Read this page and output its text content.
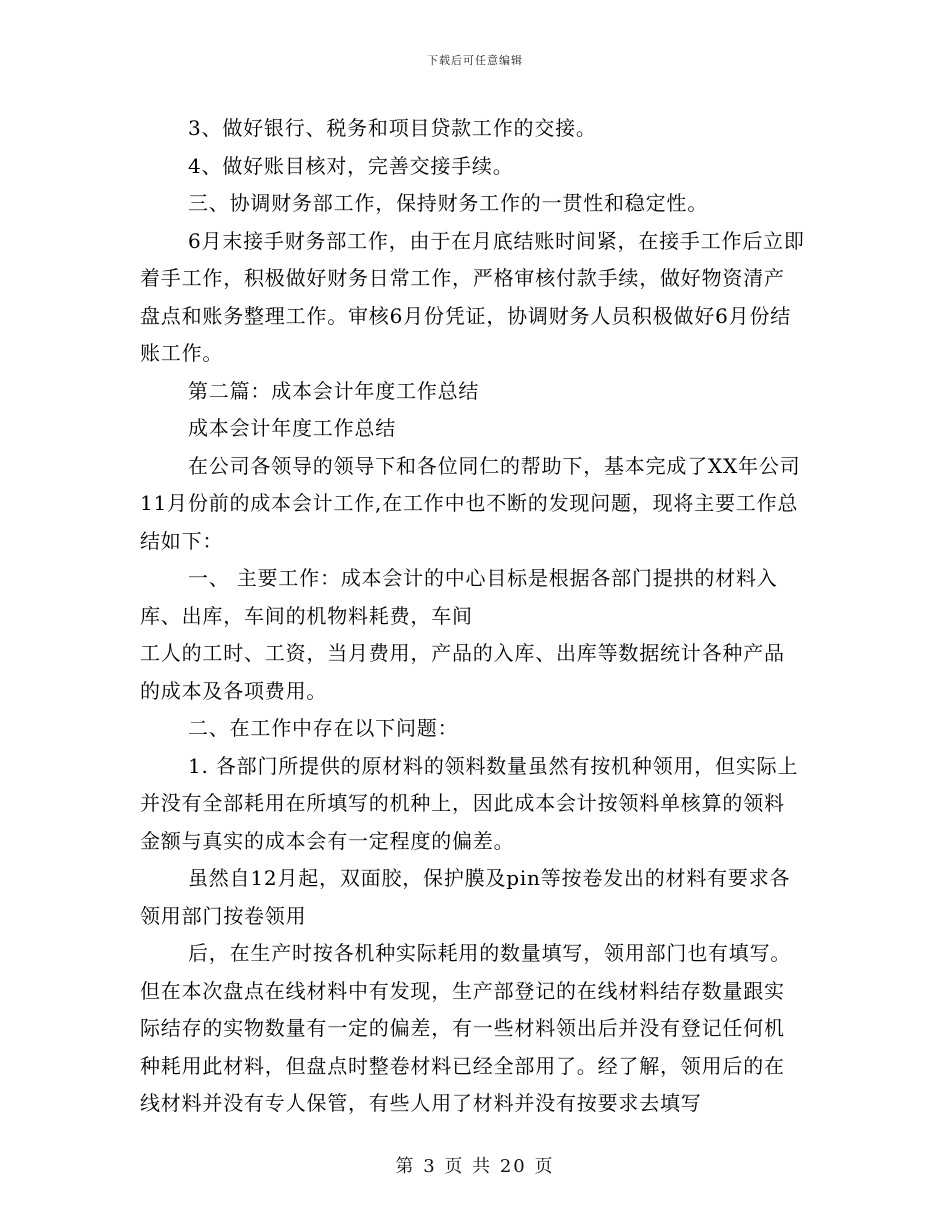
下载后可任意编辑

3、做好银行、税务和项目贷款工作的交接。

4、做好账目核对，完善交接手续。

三、协调财务部工作，保持财务工作的一贯性和稳定性。

6月末接手财务部工作，由于在月底结账时间紧，在接手工作后立即着手工作，积极做好财务日常工作，严格审核付款手续，做好物资清产盘点和账务整理工作。审核6月份凭证，协调财务人员积极做好6月份结账工作。

第二篇：成本会计年度工作总结

成本会计年度工作总结

在公司各领导的领导下和各位同仁的帮助下，基本完成了XX年公司11月份前的成本会计工作,在工作中也不断的发现问题，现将主要工作总结如下：

一、 主要工作：成本会计的中心目标是根据各部门提拱的材料入库、出库，车间的机物料耗费，车间

工人的工时、工资，当月费用，产品的入库、出库等数据统计各种产品的成本及各项费用。

二、在工作中存在以下问题：

1. 各部门所提供的原材料的领料数量虽然有按机种领用，但实际上并没有全部耗用在所填写的机种上，因此成本会计按领料单核算的领料金额与真实的成本会有一定程度的偏差。

虽然自12月起，双面胶，保护膜及pin等按卷发出的材料有要求各领用部门按卷领用

后，在生产时按各机种实际耗用的数量填写，领用部门也有填写。但在本次盘点在线材料中有发现，生产部登记的在线材料结存数量跟实际结存的实物数量有一定的偏差，有一些材料领出后并没有登记任何机种耗用此材料，但盘点时整卷材料已经全部用了。经了解，领用后的在线材料并没有专人保管，有些人用了材料并没有按要求去填写

第 3 页 共 20 页
